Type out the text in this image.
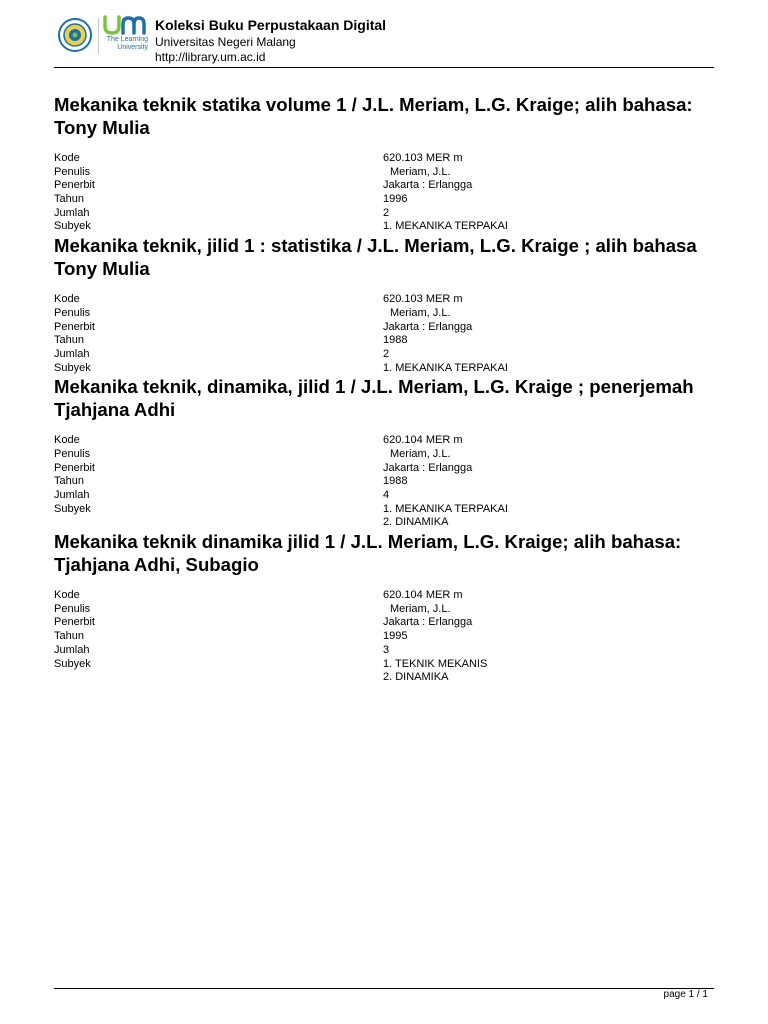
The Learning
University
Koleksi Buku Perpustakaan Digital
Universitas Negeri Malang
http://library.um.ac.id
Mekanika teknik statika volume 1 / J.L. Meriam, L.G. Kraige; alih bahasa: Tony Mulia
Kode	620.103 MER m
Penulis	Meriam, J.L.
Penerbit	Jakarta : Erlangga
Tahun	1996
Jumlah	2
Subyek	1. MEKANIKA TERPAKAI
Mekanika teknik, jilid 1 : statistika / J.L. Meriam, L.G. Kraige ; alih bahasa Tony Mulia
Kode	620.103 MER m
Penulis	Meriam, J.L.
Penerbit	Jakarta : Erlangga
Tahun	1988
Jumlah	2
Subyek	1. MEKANIKA TERPAKAI
Mekanika teknik, dinamika, jilid 1 / J.L. Meriam, L.G. Kraige ; penerjemah Tjahjana Adhi
Kode	620.104 MER m
Penulis	Meriam, J.L.
Penerbit	Jakarta : Erlangga
Tahun	1988
Jumlah	4
Subyek	1. MEKANIKA TERPAKAI
2. DINAMIKA
Mekanika teknik dinamika jilid 1 / J.L. Meriam, L.G. Kraige; alih bahasa: Tjahjana Adhi, Subagio
Kode	620.104 MER m
Penulis	Meriam, J.L.
Penerbit	Jakarta : Erlangga
Tahun	1995
Jumlah	3
Subyek	1. TEKNIK MEKANIS
2. DINAMIKA
page 1 / 1
